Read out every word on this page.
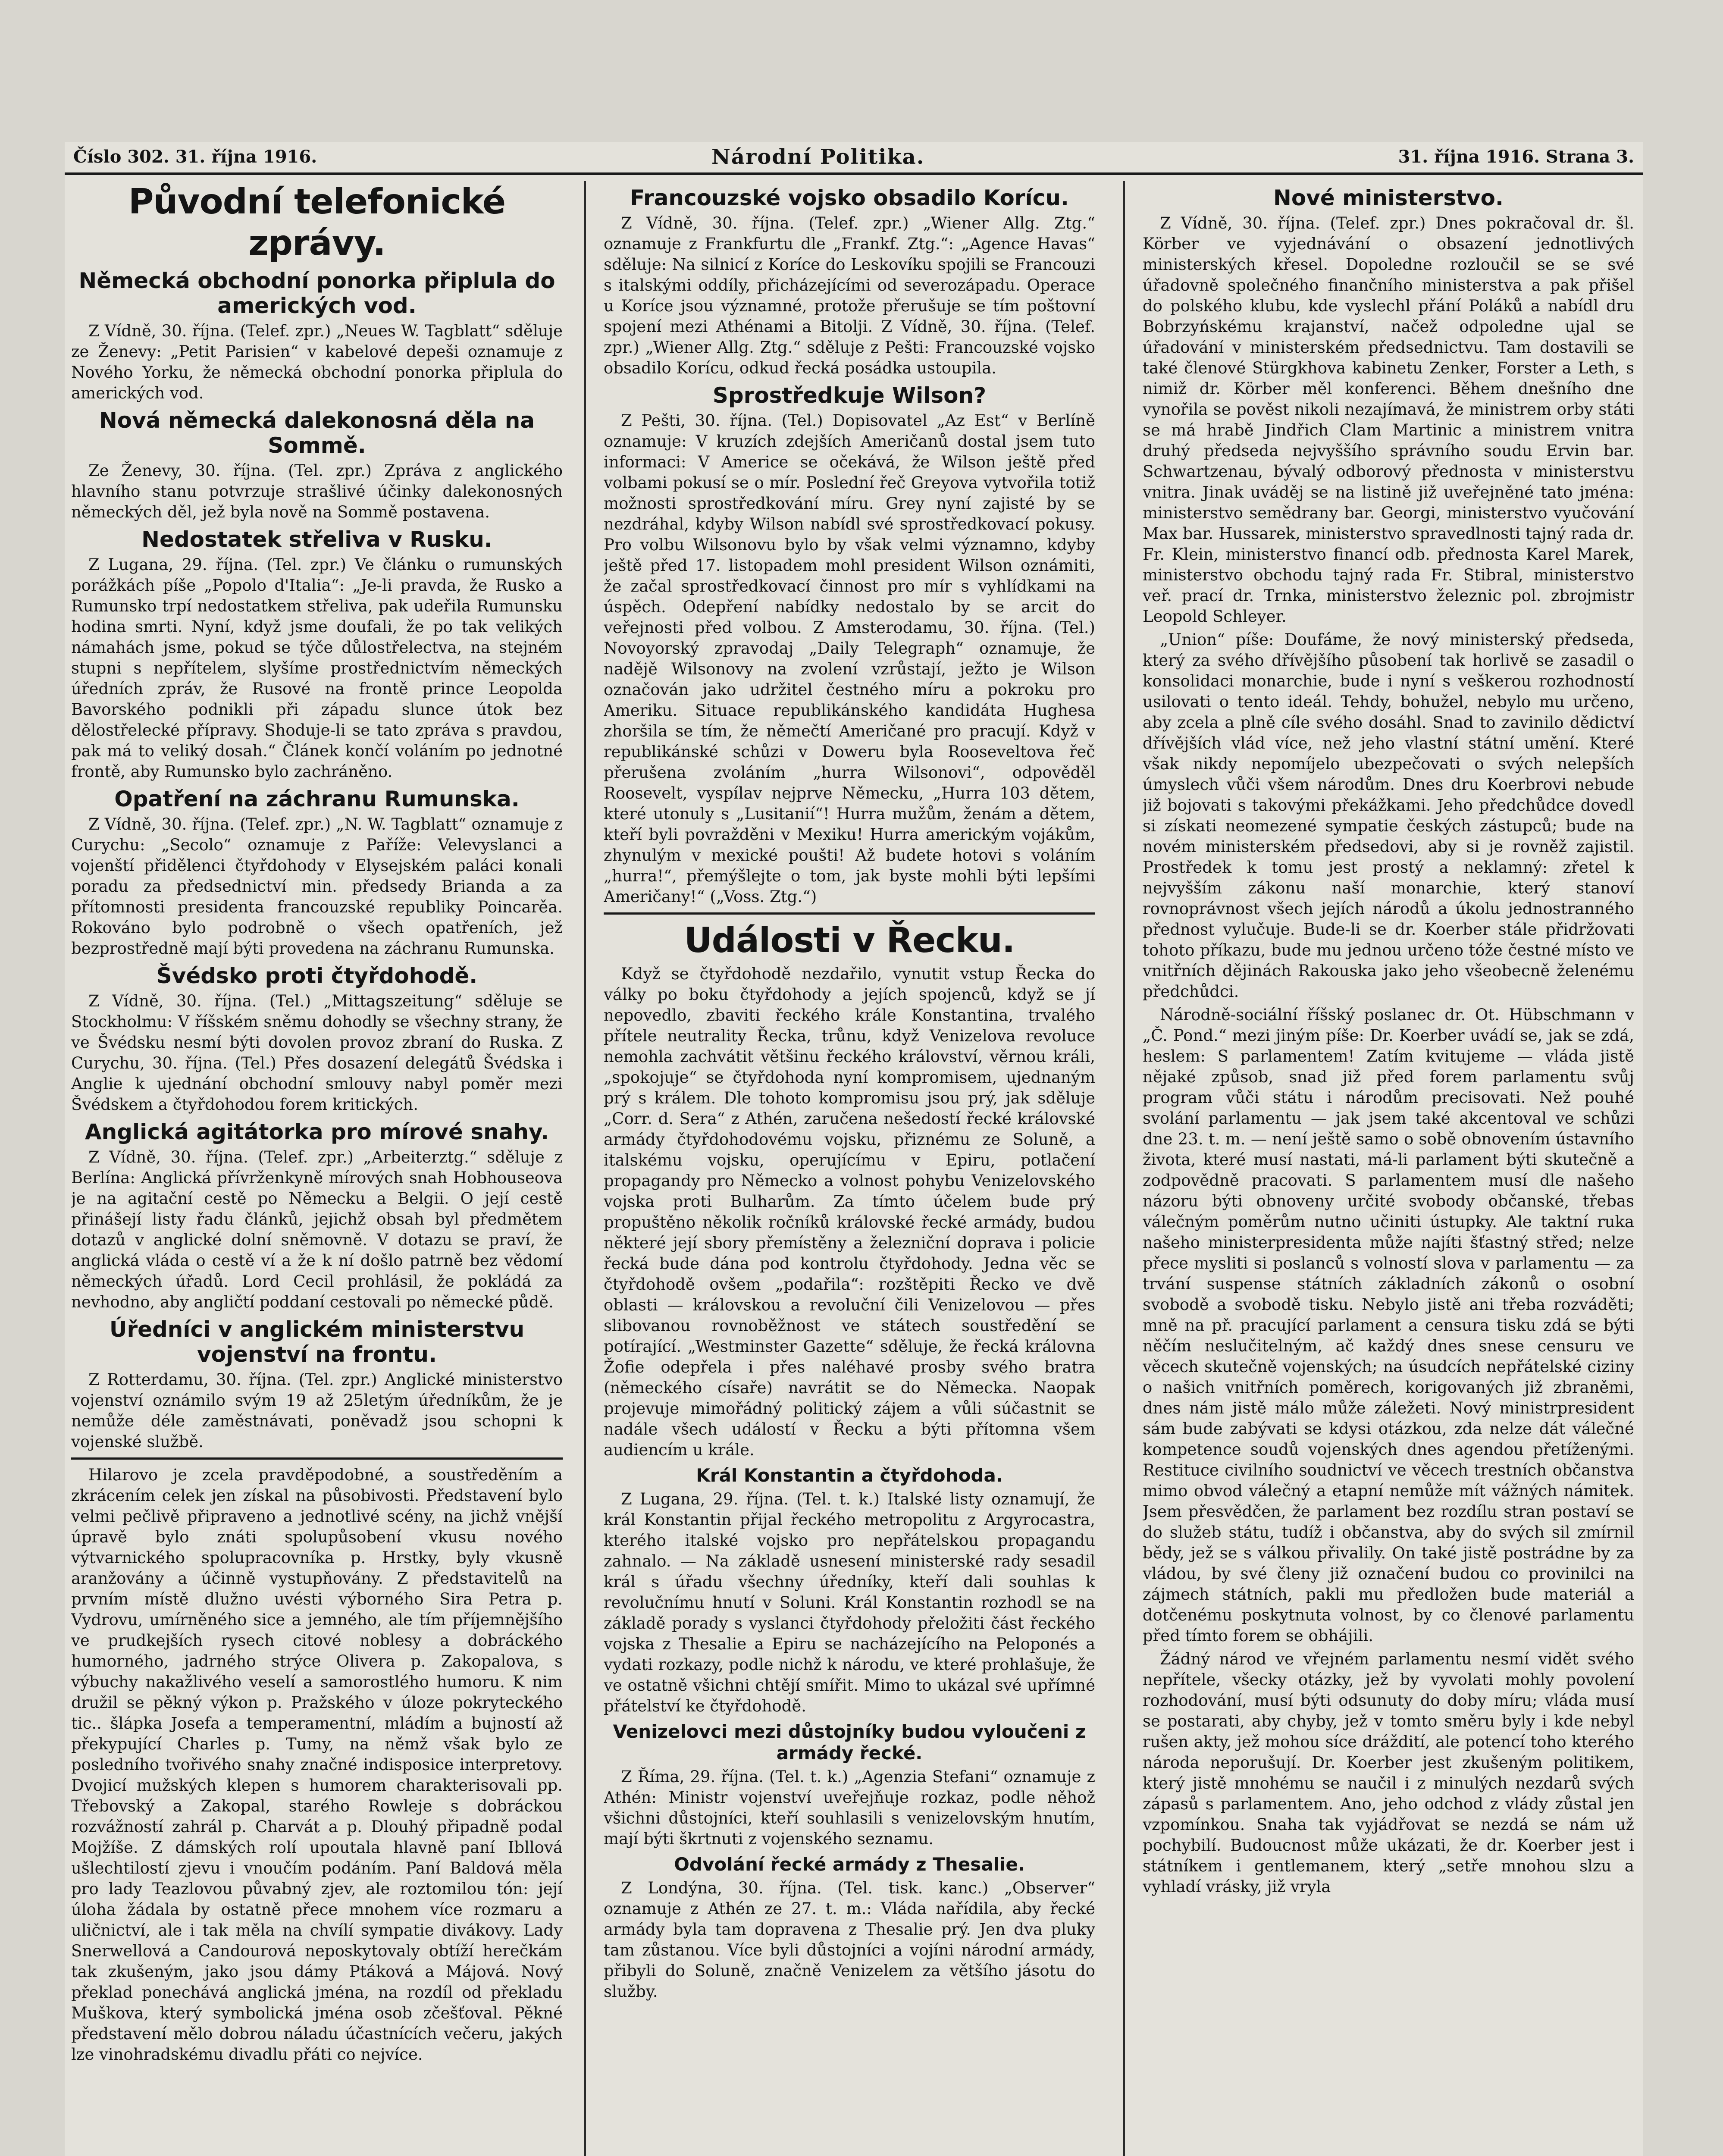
Číslo 302. 31. října 1916.	Národní Politika.	31. října 1916. Strana 3.
Původní telefonické zprávy.
Německá obchodní ponorka připlula do amerických vod.

Z Vídně, 30. října. (Telef. zpr.) „Neues W. Tagblatt“ sděluje ze Ženevy: „Petit Parisien“ v kabelové depeši oznamuje z Nového Yorku, že německá obchodní ponorka připlula do amerických vod.

Nová německá dalekonosná děla na Sommě.

Ze Ženevy, 30. října. (Tel. zpr.) Zpráva z anglického hlavního stanu potvrzuje strašlivé účinky dalekonosných německých děl, jež byla nově na Sommě postavena.

Nedostatek střeliva v Rusku.

Z Lugana, 29. října. (Tel. zpr.) Ve článku o rumunských porážkách píše „Popolo d'Italia“: „Je-li pravda, že Rusko a Rumunsko trpí nedostatkem střeliva, pak udeřila Rumunsku hodina smrti. Nyní, když jsme doufali, že po tak velikých námahách jsme, pokud se týče důlostřelectva, na stejném stupni s nepřítelem, slyšíme prostřednictvím německých úředních zpráv, že Rusové na frontě prince Leopolda Bavorského podnikli při západu slunce útok bez dělostřelecké přípravy. Shoduje-li se tato zpráva s pravdou, pak má to veliký dosah.“ Článek končí voláním po jednotné frontě, aby Rumunsko bylo zachráněno.

Opatření na záchranu Rumunska.

Z Vídně, 30. října. (Telef. zpr.) „N. W. Tagblatt“ oznamuje z Curychu: „Secolo“ oznamuje z Paříže: Velevyslanci a vojenští přidělenci čtyřdohody v Elysejském paláci konali poradu za předsednictví min. předsedy Brianda a za přítomnosti presidenta francouzské republiky Poincarěa. Rokováno bylo podrobně o všech opatřeních, jež bezprostředně mají býti provedena na záchranu Rumunska.

Švédsko proti čtyřdohodě.

Z Vídně, 30. října. (Tel.) „Mittagszeitung“ sděluje se Stockholmu: V říšském sněmu dohodly se všechny strany, že ve Švédsku nesmí býti dovolen provoz zbraní do Ruska. Z Curychu, 30. října. (Tel.) Přes dosazení delegátů Švédska i Anglie k ujednání obchodní smlouvy nabyl poměr mezi Švédskem a čtyřdohodou forem kritických.

Anglická agitátorka pro mírové snahy.

Z Vídně, 30. října. (Telef. zpr.) „Arbeiterztg.“ sděluje z Berlína: Anglická přívrženkyně mírových snah Hobhouseova je na agitační cestě po Německu a Belgii. O její cestě přinášejí listy řadu článků, jejichž obsah byl předmětem dotazů v anglické dolní sněmovně. V dotazu se praví, že anglická vláda o cestě ví a že k ní došlo patrně bez vědomí německých úřadů. Lord Cecil prohlásil, že pokládá za nevhodno, aby angličtí poddaní cestovali po německé půdě.

Úředníci v anglickém ministerstvu vojenství na frontu.

Z Rotterdamu, 30. října. (Tel. zpr.) Anglické ministerstvo vojenství oznámilo svým 19 až 25letým úředníkům, že je nemůže déle zaměstnávati, poněvadž jsou schopni k vojenské službě.

Hilarovo je zcela pravděpodobné, a soustředěním a zkrácením celek jen získal na působivosti. Představení bylo velmi pečlivě připraveno a jednotlivé scény, na jichž vnější úpravě bylo znáti spolupůsobení vkusu nového výtvarnického spolupracovníka p. Hrstky, byly vkusně aranžovány a účinně vystupňovány. Z představitelů na prvním místě dlužno uvésti výborného Sira Petra p. Vydrovu, umírněného sice a jemného, ale tím příjemnějšího ve prudkejších rysech citové noblesy a dobráckého humorného, jadrného strýce Olivera p. Zakopalova, s výbuchy nakažlivého veselí a samorostlého humoru. K nim družil se pěkný výkon p. Pražského v úloze pokryteckého tic.. šlápka Josefa a temperamentní, mládím a bujností až překypující Charles p. Tumy, na němž však bylo ze posledního tvořivého snahy značné indisposice interpretovy. Dvojicí mužských klepen s humorem charakterisovali pp. Třebovský a Zakopal, starého Rowleje s dobráckou rozvážností zahrál p. Charvát a p. Dlouhý připadně podal Mojžíše. Z dámských rolí upoutala hlavně paní Ibllová ušlechtilostí zjevu i vnoučím podáním. Paní Baldová měla pro lady Teazlovou půvabný zjev, ale roztomilou tón: její úloha žádala by ostatně přece mnohem více rozmaru a uličnictví, ale i tak měla na chvílí sympatie divákovy. Lady Snerwellová a Candourová neposkytovaly obtíží herečkám tak zkušeným, jako jsou dámy Ptáková a Májová. Nový překlad ponechává anglická jména, na rozdíl od překladu Muškova, který symbolická jména osob zčešťoval. Pěkné představení mělo dobrou náladu účastnících večeru, jakých lze vinohradskému divadlu přáti co nejvíce.

Francouzské vojsko obsadilo Korícu.

Z Vídně, 30. října. (Telef. zpr.) „Wiener Allg. Ztg.“ oznamuje z Frankfurtu dle „Frankf. Ztg.“: „Agence Havas“ sděluje: Na silnicí z Koríce do Leskovíku spojili se Francouzi s italskými oddíly, přicházejícími od severozápadu. Operace u Koríce jsou významné, protože přerušuje se tím poštovní spojení mezi Athénami a Bitolji. Z Vídně, 30. října. (Telef. zpr.) „Wiener Allg. Ztg.“ sděluje z Pešti: Francouzské vojsko obsadilo Korícu, odkud řecká posádka ustoupila.

Sprostředkuje Wilson?

Z Pešti, 30. října. (Tel.) Dopisovatel „Az Est“ v Berlíně oznamuje: V kruzích zdejších Američanů dostal jsem tuto informaci: V Americe se očekává, že Wilson ještě před volbami pokusí se o mír. Poslední řeč Greyova vytvořila totiž možnosti sprostředkování míru. Grey nyní zajisté by se nezdráhal, kdyby Wilson nabídl své sprostředkovací pokusy. Pro volbu Wilsonovu bylo by však velmi významno, kdyby ještě před 17. listopadem mohl president Wilson oznámiti, že začal sprostředkovací činnost pro mír s vyhlídkami na úspěch. Odepření nabídky nedostalo by se arcit do veřejnosti před volbou. Z Amsterodamu, 30. října. (Tel.) Novoyorský zpravodaj „Daily Telegraph“ oznamuje, že nadějě Wilsonovy na zvolení vzrůstají, ježto je Wilson označován jako udržitel čestného míru a pokroku pro Ameriku. Situace republikánského kandidáta Hughesa zhoršila se tím, že němečtí Američané pro pracují. Když v republikánské schůzi v Doweru byla Rooseveltova řeč přerušena zvoláním „hurra Wilsonovi“, odpověděl Roosevelt, vyspílav nejprve Německu, „Hurra 103 dětem, které utonuly s „Lusitanií“! Hurra mužům, ženám a dětem, kteří byli povražděni v Mexiku! Hurra americkým vojákům, zhynulým v mexické poušti! Až budete hotovi s voláním „hurra!“, přemýšlejte o tom, jak byste mohli býti lepšími Američany!“ („Voss. Ztg.“)

Události v Řecku.

Když se čtyřdohodě nezdařilo, vynutit vstup Řecka do války po boku čtyřdohody a jejích spojenců, když se jí nepovedlo, zbaviti řeckého krále Konstantina, trvalého přítele neutrality Řecka, trůnu, když Venizelova revoluce nemohla zachvátit většinu řeckého království, věrnou králi, „spokojuje“ se čtyřdohoda nyní kompromisem, ujednaným prý s králem. Dle tohoto kompromisu jsou prý, jak sděluje „Corr. d. Sera“ z Athén, zaručena nešedostí řecké královské armády čtyřdohodovému vojsku, přiznému ze Soluně, a italskému vojsku, operujícímu v Epiru, potlačení propagandy pro Německo a volnost pohybu Venizelovského vojska proti Bulharům. Za tímto účelem bude prý propuštěno několik ročníků královské řecké armády, budou některé její sbory přemístěny a železniční doprava i policie řecká bude dána pod kontrolu čtyřdohody. Jedna věc se čtyřdohodě ovšem „podařila“: rozštěpiti Řecko ve dvě oblasti — královskou a revoluční čili Venizelovou — přes slibovanou rovnoběžnost ve státech soustředění se potírající. „Westminster Gazette“ sděluje, že řecká královna Žofie odepřela i přes naléhavé prosby svého bratra (německého císaře) navrátit se do Německa. Naopak projevuje mimořádný politický zájem a vůli súčastnit se nadále všech událostí v Řecku a býti přítomna všem audiencím u krále.

Král Konstantin a čtyřdohoda.

Z Lugana, 29. října. (Tel. t. k.) Italské listy oznamují, že král Konstantin přijal řeckého metropolitu z Argyrocastra, kterého italské vojsko pro nepřátelskou propagandu zahnalo. — Na základě usnesení ministerské rady sesadil král s úřadu všechny úředníky, kteří dali souhlas k revolučnímu hnutí v Soluni. Král Konstantin rozhodl se na základě porady s vyslanci čtyřdohody přeložiti část řeckého vojska z Thesalie a Epiru se nacházejícího na Peloponés a vydati rozkazy, podle nichž k národu, ve které prohlašuje, že ve ostatně všichni chtějí smířit. Mimo to ukázal své upřímné přátelství ke čtyřdohodě.

Venizelovci mezi důstojníky budou vyloučeni z armády řecké.

Z Říma, 29. října. (Tel. t. k.) „Agenzia Stefani“ oznamuje z Athén: Ministr vojenství uveřejňuje rozkaz, podle něhož všichni důstojníci, kteří souhlasili s venizelovským hnutím, mají býti škrtnuti z vojenského seznamu.

Odvolání řecké armády z Thesalie.

Z Londýna, 30. října. (Tel. tisk. kanc.) „Observer“ oznamuje z Athén ze 27. t. m.: Vláda nařídila, aby řecké armády byla tam dopravena z Thesalie prý. Jen dva pluky tam zůstanou. Více byli důstojníci a vojíni národní armády, přibyli do Soluně, značně Venizelem za většího jásotu do služby.

Nové ministerstvo.

Z Vídně, 30. října. (Telef. zpr.) Dnes pokračoval dr. šl. Körber ve vyjednávání o obsazení jednotlivých ministerských křesel. Dopoledne rozloučil se se své úřadovně společného finančního ministerstva a pak přišel do polského klubu, kde vyslechl přání Poláků a nabídl dru Bobrzyńskému krajanství, načež odpoledne ujal se úřadování v ministerském předsednictvu. Tam dostavili se také členové Stürgkhova kabinetu Zenker, Forster a Leth, s nimiž dr. Körber měl konferenci. Během dnešního dne vynořila se pověst nikoli nezajímavá, že ministrem orby státi se má hrabě Jindřich Clam Martinic a ministrem vnitra druhý předseda nejvyššího správního soudu Ervin bar. Schwartzenau, bývalý odborový přednosta v ministerstvu vnitra. Jinak uváděj se na listině již uveřejněné tato jména: ministerstvo semědrany bar. Georgi, ministerstvo vyučování Max bar. Hussarek, ministerstvo spravedlnosti tajný rada dr. Fr. Klein, ministerstvo financí odb. přednosta Karel Marek, ministerstvo obchodu tajný rada Fr. Stibral, ministerstvo veř. prací dr. Trnka, ministerstvo železnic pol. zbrojmistr Leopold Schleyer.

„Union“ píše: Doufáme, že nový ministerský předseda, který za svého dřívějšího působení tak horlivě se zasadil o konsolidaci monarchie, bude i nyní s veškerou rozhodností usilovati o tento ideál. Tehdy, bohužel, nebylo mu určeno, aby zcela a plně cíle svého dosáhl. Snad to zavinilo dědictví dřívějších vlád více, než jeho vlastní státní umění. Které však nikdy nepomíjelo ubezpečovati o svých nelepších úmyslech vůči všem národům. Dnes dru Koerbrovi nebude již bojovati s takovými překážkami. Jeho předchůdce dovedl si získati neomezené sympatie českých zástupců; bude na novém ministerském předsedovi, aby si je rovněž zajistil. Prostředek k tomu jest prostý a neklamný: zřetel k nejvyšším zákonu naší monarchie, který stanoví rovnoprávnost všech jejích národů a úkolu jednostranného přednost vylučuje. Bude-li se dr. Koerber stále přidržovati tohoto příkazu, bude mu jednou určeno tóže čestné místo ve vnitřních dějinách Rakouska jako jeho všeobecně želenému předchůdci.

Národně-sociální říšský poslanec dr. Ot. Hübschmann v „Č. Pond.“ mezi jiným píše: Dr. Koerber uvádí se, jak se zdá, heslem: S parlamentem! Zatím kvitujeme — vláda jistě nějaké způsob, snad již před forem parlamentu svůj program vůči státu i národům precisovati. Než pouhé svolání parlamentu — jak jsem také akcentoval ve schůzi dne 23. t. m. — není ještě samo o sobě obnovením ústavního života, které musí nastati, má-li parlament býti skutečně a zodpovědně pracovati. S parlamentem musí dle našeho názoru býti obnoveny určité svobody občanské, třebas válečným poměrům nutno učiniti ústupky. Ale taktní ruka našeho ministerpresidenta může najíti šťastný střed; nelze přece mysliti si poslanců s volností slova v parlamentu — za trvání suspense státních základních zákonů o osobní svobodě a svobodě tisku. Nebylo jistě ani třeba rozváděti; mně na př. pracující parlament a censura tisku zdá se býti něčím neslučitelným, ač každý dnes snese censuru ve věcech skutečně vojenských; na úsudcích nepřátelské ciziny o našich vnitřních poměrech, korigovaných již zbraněmi, dnes nám jistě málo může záležeti. Nový ministrpresident sám bude zabývati se kdysi otázkou, zda nelze dát válečné kompetence soudů vojenských dnes agendou přetíženými. Restituce civilního soudnictví ve věcech trestních občanstva mimo obvod válečný a etapní nemůže mít vážných námitek. Jsem přesvědčen, že parlament bez rozdílu stran postaví se do služeb státu, tudíž i občanstva, aby do svých sil zmírnil bědy, jež se s válkou přivalily. On také jistě postrádne by za vládou, by své členy již označení budou co provinilci na zájmech státních, pakli mu předložen bude materiál a dotčenému poskytnuta volnost, by co členové parlamentu před tímto forem se obhájili.

Žádný národ ve vřejném parlamentu nesmí vidět svého nepřítele, všecky otázky, jež by vyvolati mohly povolení rozhodování, musí býti odsunuty do doby míru; vláda musí se postarati, aby chyby, jež v tomto směru byly i kde nebyl rušen akty, jež mohou síce dráždití, ale potencí toho kterého národa neporušují. Dr. Koerber jest zkušeným politikem, který jistě mnohému se naučil i z minulých nezdarů svých zápasů s parlamentem. Ano, jeho odchod z vlády zůstal jen vzpomínkou. Snaha tak vyjádřovat se nezdá se nám už pochybilí. Budoucnost může ukázati, že dr. Koerber jest i státníkem i gentlemanem, který „setře mnohou slzu a vyhladí vrásky, již vryla
